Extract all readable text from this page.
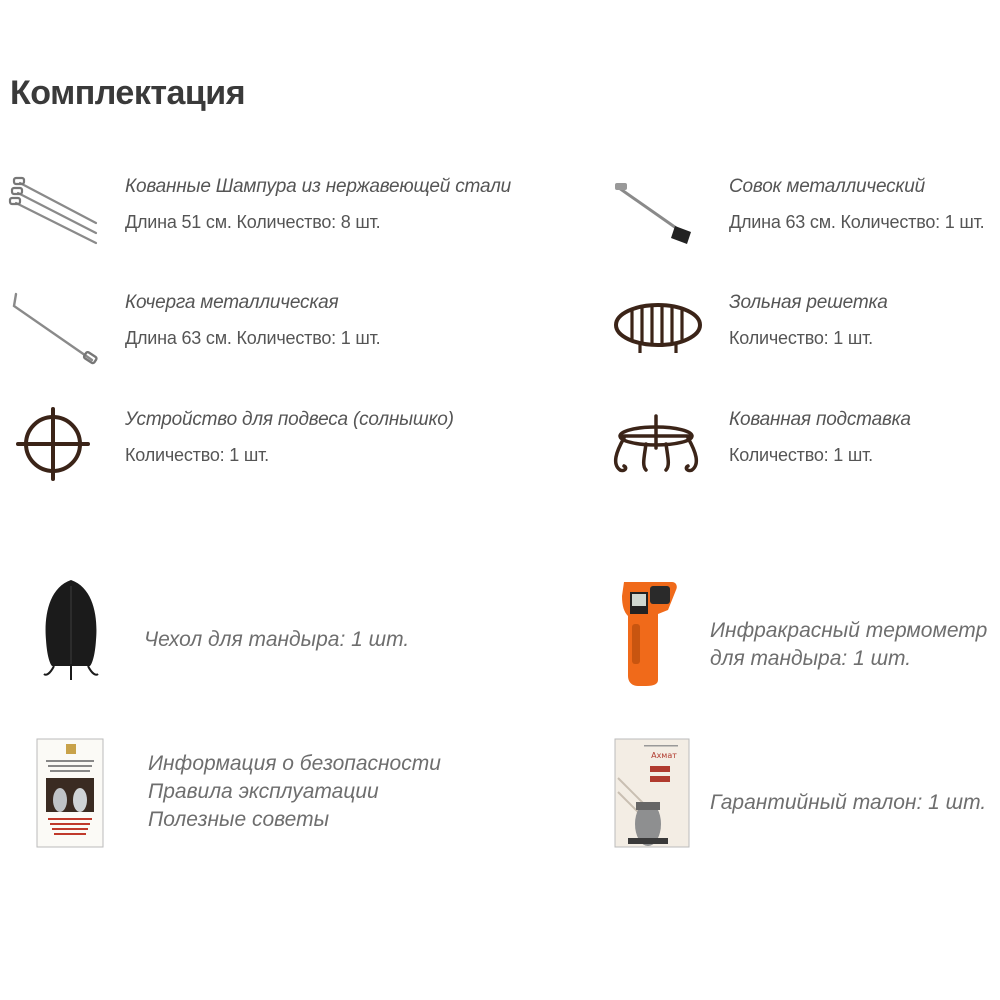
Комплектация
Кованные Шампура из нержавеющей стали
Длина 51 см. Количество: 8 шт.
Совок металлический
Длина 63 см. Количество: 1 шт.
Кочерга металлическая
Длина 63 см. Количество: 1 шт.
Зольная решетка
Количество: 1 шт.
Устройство для подвеса (солнышко)
Количество: 1 шт.
Кованная подставка
Количество: 1 шт.
Чехол для тандыра: 1 шт.	Инфракрасный термометр
для тандыра: 1 шт.
Информация о безопасности
Правила эксплуатации
Полезные советы
Ахмат
Гарантийный талон: 1 шт.
